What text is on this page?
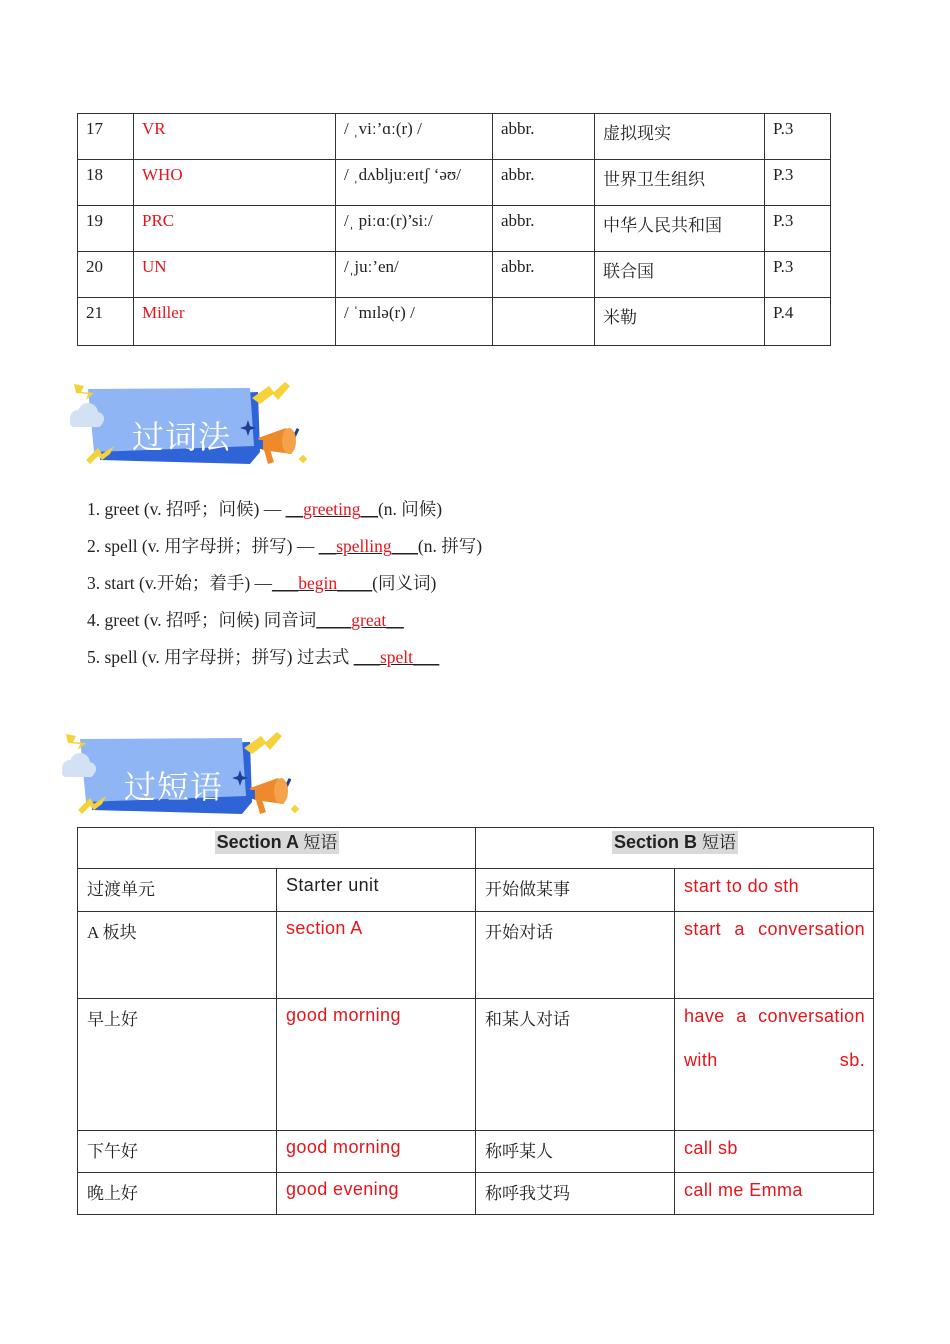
17	VR	/ ˌviː’ɑː(r) /	abbr.	虚拟现实	P.3
18	WHO	/ ˌdʌbljuːeɪtʃ ‘əʊ/	abbr.	世界卫生组织	P.3
19	PRC	/ˌ piːɑː(r)’siː/	abbr.	中华人民共和国	P.3
20	UN	/ˌjuː’en/	abbr.	联合国	P.3
21	Miller	/ ˈmɪlə(r) /		米勒	P.4
过词法
1. greet (v. 招呼；问候) — __greeting__(n. 问候)
2. spell (v. 用字母拼；拼写) — __spelling___(n. 拼写)
3. start (v.开始；着手) —___begin____(同义词)
4. greet (v. 招呼；问候) 同音词____great__
5. spell (v. 用字母拼；拼写) 过去式 ___spelt___
过短语
Section A 短语		Section B 短语	
过渡单元	Starter unit	开始做某事	start to do sth

A 板块	section A	开始对话	start a conversation

早上好	good morning	和某人对话	have a conversation with sb.

下午好	good morning	称呼某人	call sb

晚上好	good evening	称呼我艾玛	call me Emma
